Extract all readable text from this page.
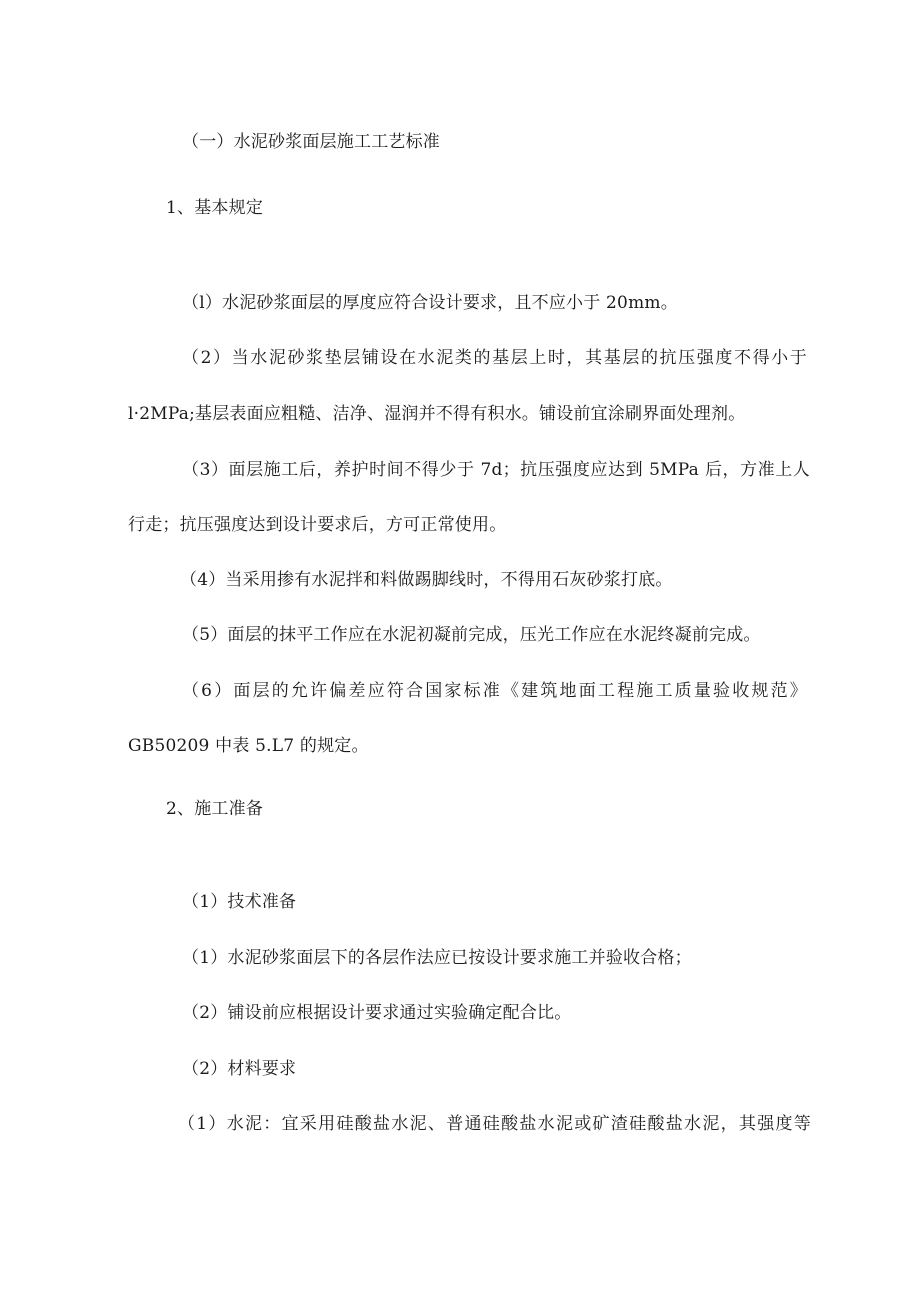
（一）水泥砂浆面层施工工艺标准
1、基本规定
（l）水泥砂浆面层的厚度应符合设计要求，且不应小于 20mm。
（2）当水泥砂浆垫层铺设在水泥类的基层上时，其基层的抗压强度不得小于
l·2MPa;基层表面应粗糙、洁净、湿润并不得有积水。铺设前宜涂刷界面处理剂。
（3）面层施工后，养护时间不得少于 7d；抗压强度应达到 5MPa 后，方准上人
行走；抗压强度达到设计要求后，方可正常使用。
（4）当采用掺有水泥拌和料做踢脚线时，不得用石灰砂浆打底。
（5）面层的抹平工作应在水泥初凝前完成，压光工作应在水泥终凝前完成。
（6）面层的允许偏差应符合国家标准《建筑地面工程施工质量验收规范》
GB50209 中表 5.L7 的规定。
2、施工准备
（1）技术准备
（1）水泥砂浆面层下的各层作法应已按设计要求施工并验收合格；
（2）铺设前应根据设计要求通过实验确定配合比。
（2）材料要求
（1）水泥：宜采用硅酸盐水泥、普通硅酸盐水泥或矿渣硅酸盐水泥，其强度等
